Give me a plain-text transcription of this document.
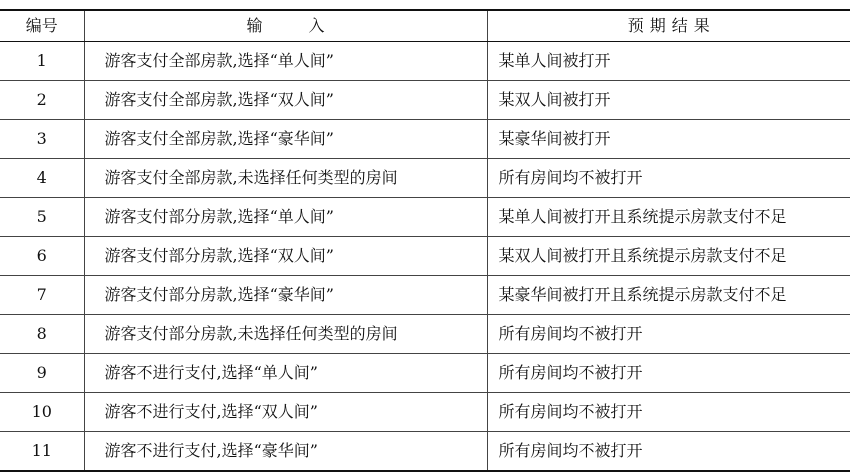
编号	输入	预期结果
1	游客支付全部房款,选择“单人间”	某单人间被打开
2	游客支付全部房款,选择“双人间”	某双人间被打开
3	游客支付全部房款,选择“豪华间”	某豪华间被打开
4	游客支付全部房款,未选择任何类型的房间	所有房间均不被打开
5	游客支付部分房款,选择“单人间”	某单人间被打开且系统提示房款支付不足
6	游客支付部分房款,选择“双人间”	某双人间被打开且系统提示房款支付不足
7	游客支付部分房款,选择“豪华间”	某豪华间被打开且系统提示房款支付不足
8	游客支付部分房款,未选择任何类型的房间	所有房间均不被打开
9	游客不进行支付,选择“单人间”	所有房间均不被打开
10	游客不进行支付,选择“双人间”	所有房间均不被打开
11	游客不进行支付,选择“豪华间”	所有房间均不被打开
